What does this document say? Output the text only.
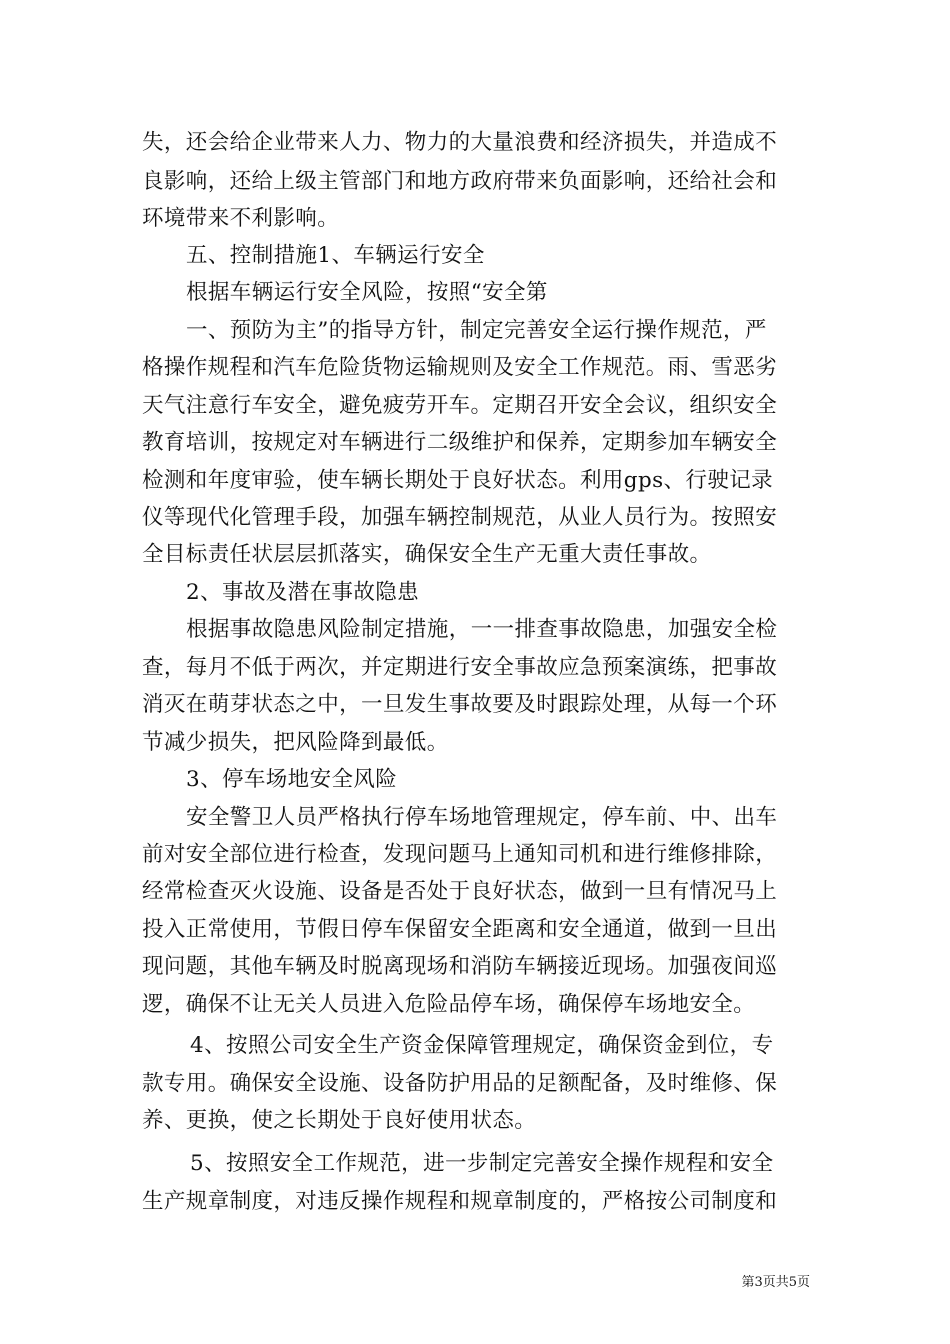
失，还会给企业带来人力、物力的大量浪费和经济损失，并造成不
良影响，还给上级主管部门和地方政府带来负面影响，还给社会和
环境带来不利影响。
五、控制措施1、车辆运行安全
根据车辆运行安全风险，按照“安全第
一、预防为主”的指导方针，制定完善安全运行操作规范，严
格操作规程和汽车危险货物运输规则及安全工作规范。雨、雪恶劣
天气注意行车安全，避免疲劳开车。定期召开安全会议，组织安全
教育培训，按规定对车辆进行二级维护和保养，定期参加车辆安全
检测和年度审验，使车辆长期处于良好状态。利用gps、行驶记录
仪等现代化管理手段，加强车辆控制规范，从业人员行为。按照安
全目标责任状层层抓落实，确保安全生产无重大责任事故。
2、事故及潜在事故隐患
根据事故隐患风险制定措施，一一排查事故隐患，加强安全检
查，每月不低于两次，并定期进行安全事故应急预案演练，把事故
消灭在萌芽状态之中，一旦发生事故要及时跟踪处理，从每一个环
节减少损失，把风险降到最低。
3、停车场地安全风险
安全警卫人员严格执行停车场地管理规定，停车前、中、出车
前对安全部位进行检查，发现问题马上通知司机和进行维修排除，
经常检查灭火设施、设备是否处于良好状态，做到一旦有情况马上
投入正常使用，节假日停车保留安全距离和安全通道，做到一旦出
现问题，其他车辆及时脱离现场和消防车辆接近现场。加强夜间巡
逻，确保不让无关人员进入危险品停车场，确保停车场地安全。
4、按照公司安全生产资金保障管理规定，确保资金到位，专
款专用。确保安全设施、设备防护用品的足额配备，及时维修、保
养、更换，使之长期处于良好使用状态。
5、按照安全工作规范，进一步制定完善安全操作规程和安全
生产规章制度，对违反操作规程和规章制度的，严格按公司制度和
第3页共5页
